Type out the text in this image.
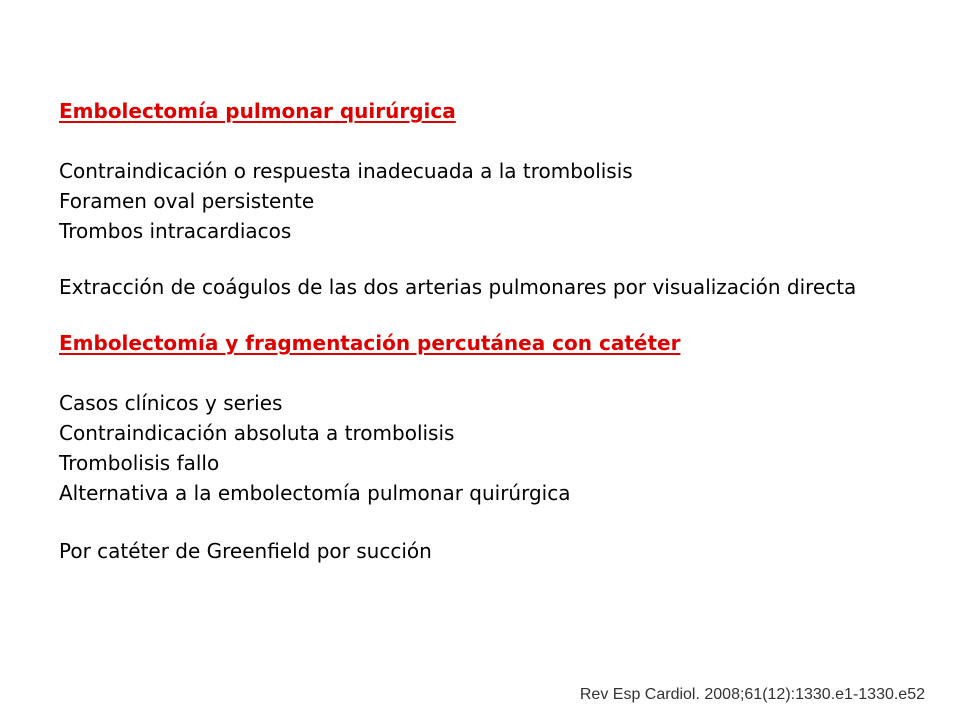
Embolectomía pulmonar quirúrgica
Contraindicación o respuesta inadecuada a la trombolisis
Foramen oval persistente
Trombos intracardiacos
Extracción de coágulos de las dos arterias pulmonares por visualización directa
Embolectomía y fragmentación percutánea con catéter
Casos clínicos y series
Contraindicación absoluta a trombolisis
Trombolisis fallo
Alternativa a la embolectomía pulmonar quirúrgica
Por catéter de Greenfield por succión
Rev Esp Cardiol. 2008;61(12):1330.e1-1330.e52
